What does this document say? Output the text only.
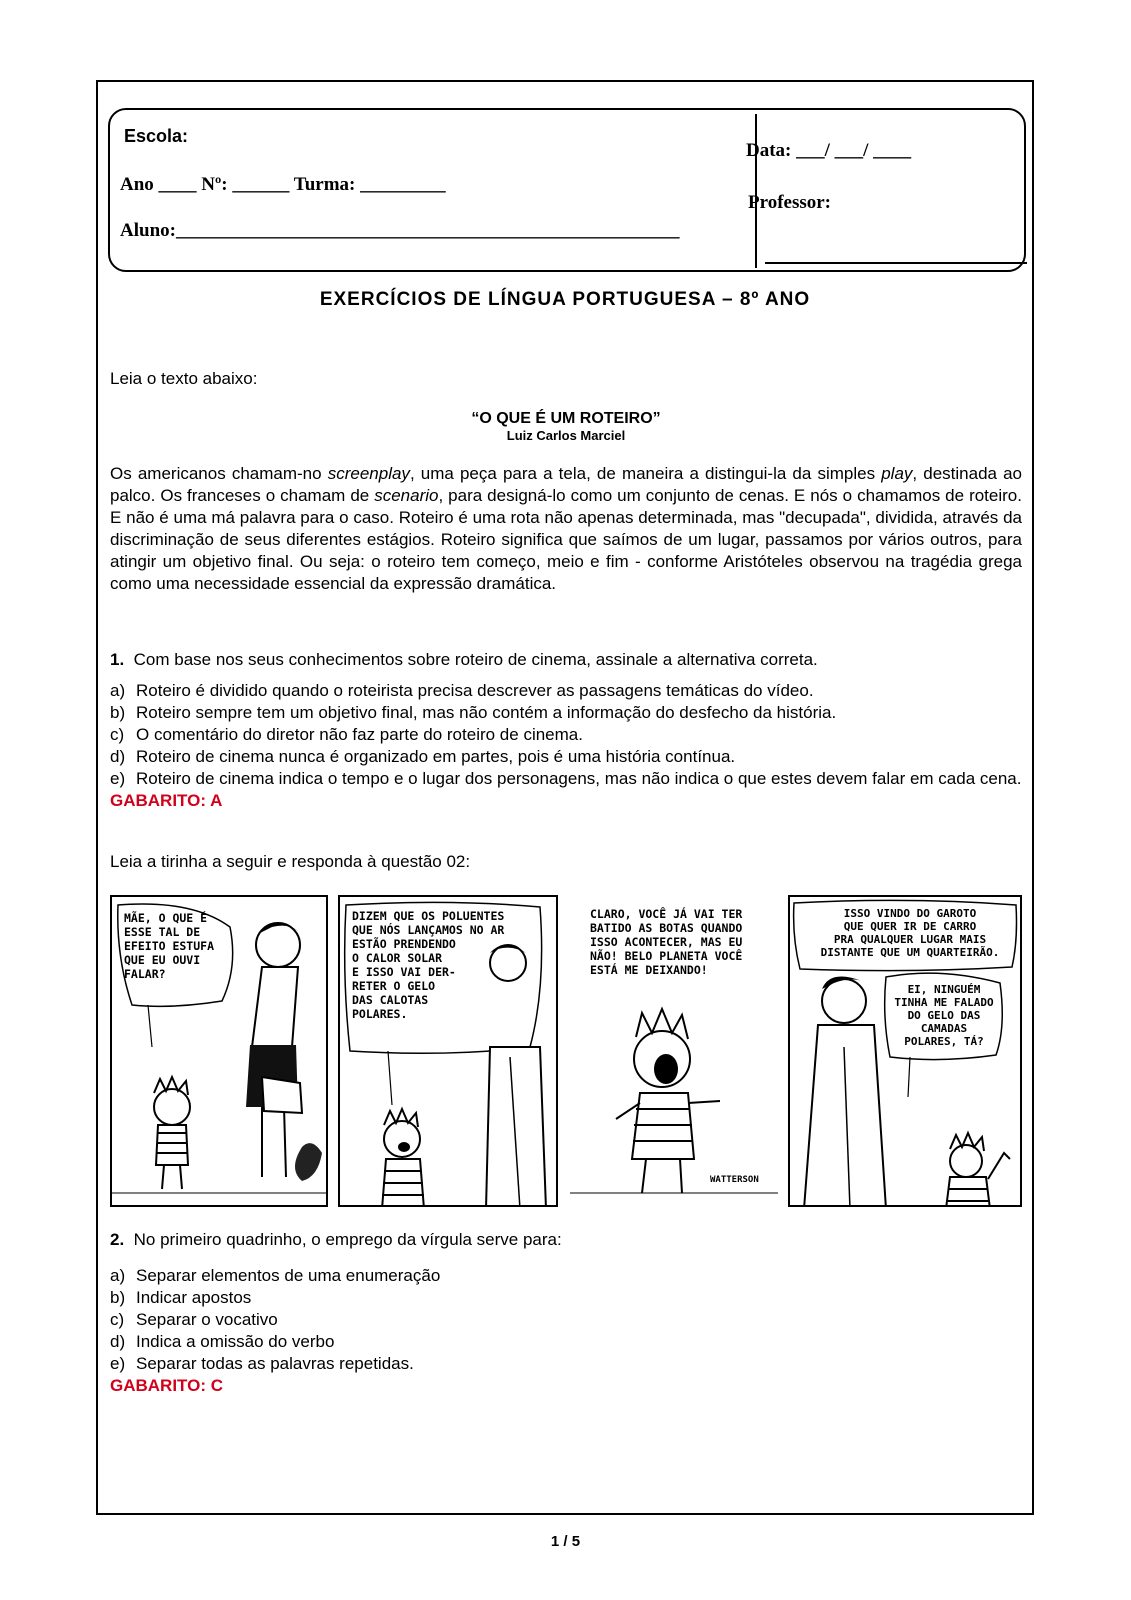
Escola:
Ano ____ Nº: ______ Turma: _________
Aluno:_____________________________________________________
Data: ___/ ___/ ____
Professor:
EXERCÍCIOS DE LÍNGUA PORTUGUESA – 8º ANO
Leia o texto abaixo:
“O QUE É UM ROTEIRO”
Luiz Carlos Marciel
Os americanos chamam-no screenplay, uma peça para a tela, de maneira a distingui-la da simples play, destinada ao palco. Os franceses o chamam de scenario, para designá-lo como um conjunto de cenas. E nós o chamamos de roteiro. E não é uma má palavra para o caso. Roteiro é uma rota não apenas determinada, mas "decupada", dividida, através da discriminação de seus diferentes estágios. Roteiro significa que saímos de um lugar, passamos por vários outros, para atingir um objetivo final. Ou seja: o roteiro tem começo, meio e fim - conforme Aristóteles observou na tragédia grega como uma necessidade essencial da expressão dramática.
1. Com base nos seus conhecimentos sobre roteiro de cinema, assinale a alternativa correta.
a) Roteiro é dividido quando o roteirista precisa descrever as passagens temáticas do vídeo.
b) Roteiro sempre tem um objetivo final, mas não contém a informação do desfecho da história.
c) O comentário do diretor não faz parte do roteiro de cinema.
d) Roteiro de cinema nunca é organizado em partes, pois é uma história contínua.
e) Roteiro de cinema indica o tempo e o lugar dos personagens, mas não indica o que estes devem falar em cada cena.
GABARITO: A
Leia a tirinha a seguir e responda à questão 02:
MÃE, O QUE É
ESSE TAL DE
EFEITO ESTUFA
QUE EU OUVI
FALAR?
DIZEM QUE OS POLUENTES
QUE NÓS LANÇAMOS NO AR
ESTÃO PRENDENDO
O CALOR SOLAR
E ISSO VAI DER-
RETER O GELO
DAS CALOTAS
POLARES.
CLARO, VOCÊ JÁ VAI TER
BATIDO AS BOTAS QUANDO
ISSO ACONTECER, MAS EU
NÃO! BELO PLANETA VOCÊ
ESTÁ ME DEIXANDO!
WATTERSON
ISSO VINDO DO GAROTO
QUE QUER IR DE CARRO
PRA QUALQUER LUGAR MAIS
DISTANTE QUE UM QUARTEIRÃO.
EI, NINGUÉM
TINHA ME FALADO
DO GELO DAS
CAMADAS
POLARES, TÁ?
2. No primeiro quadrinho, o emprego da vírgula serve para:
a) Separar elementos de uma enumeração
b) Indicar apostos
c) Separar o vocativo
d) Indica a omissão do verbo
e) Separar todas as palavras repetidas.
GABARITO: C
1 / 5
